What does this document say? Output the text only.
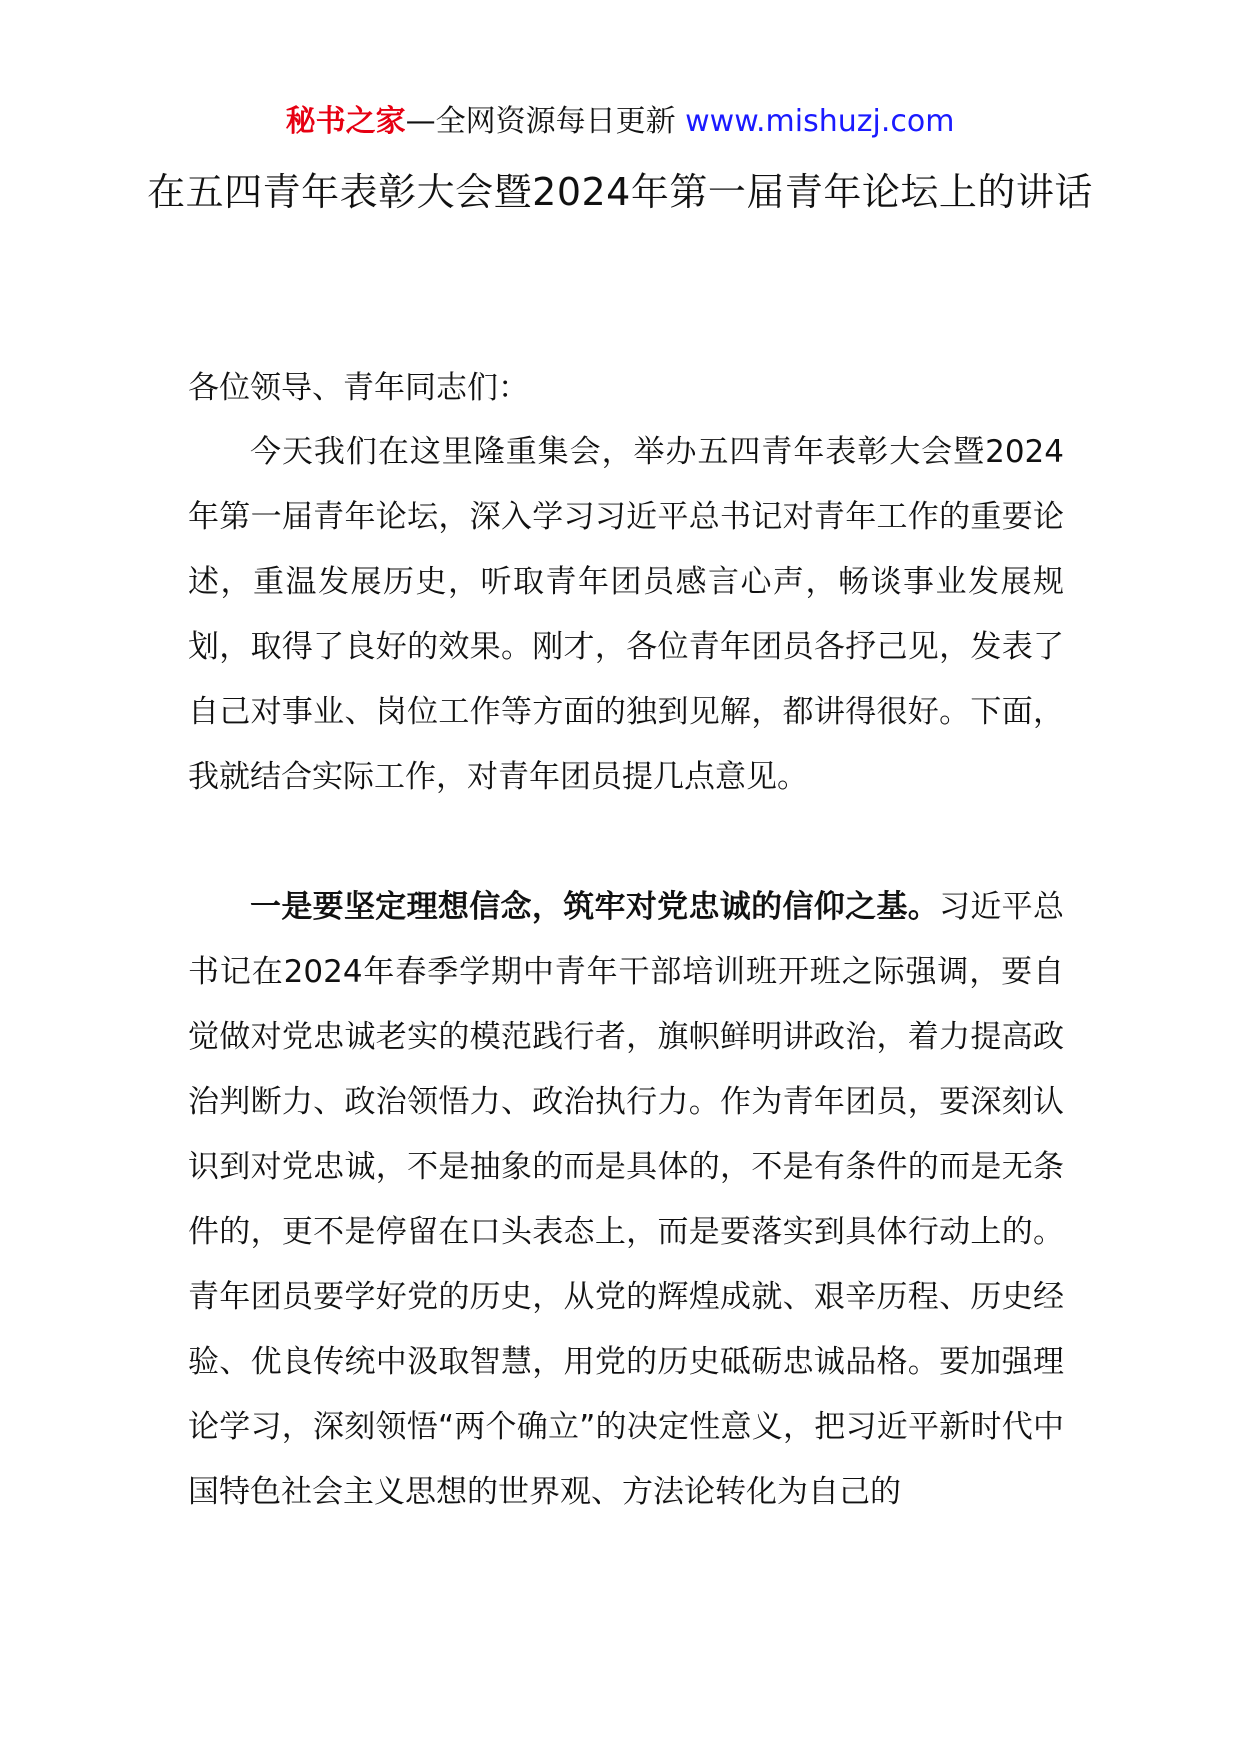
秘书之家—全网资源每日更新 www.mishuzj.com
在五四青年表彰大会暨2024年第一届青年论坛上的讲话
各位领导、青年同志们：

今天我们在这里隆重集会，举办五四青年表彰大会暨2024年第一届青年论坛，深入学习习近平总书记对青年工作的重要论述，重温发展历史，听取青年团员感言心声，畅谈事业发展规划，取得了良好的效果。刚才，各位青年团员各抒己见，发表了自己对事业、岗位工作等方面的独到见解，都讲得很好。下面，我就结合实际工作，对青年团员提几点意见。

一是要坚定理想信念，筑牢对党忠诚的信仰之基。习近平总书记在2024年春季学期中青年干部培训班开班之际强调，要自觉做对党忠诚老实的模范践行者，旗帜鲜明讲政治，着力提高政治判断力、政治领悟力、政治执行力。作为青年团员，要深刻认识到对党忠诚，不是抽象的而是具体的，不是有条件的而是无条件的，更不是停留在口头表态上，而是要落实到具体行动上的。青年团员要学好党的历史，从党的辉煌成就、艰辛历程、历史经验、优良传统中汲取智慧，用党的历史砥砺忠诚品格。要加强理论学习，深刻领悟“两个确立”的决定性意义，把习近平新时代中国特色社会主义思想的世界观、方法论转化为自己的
